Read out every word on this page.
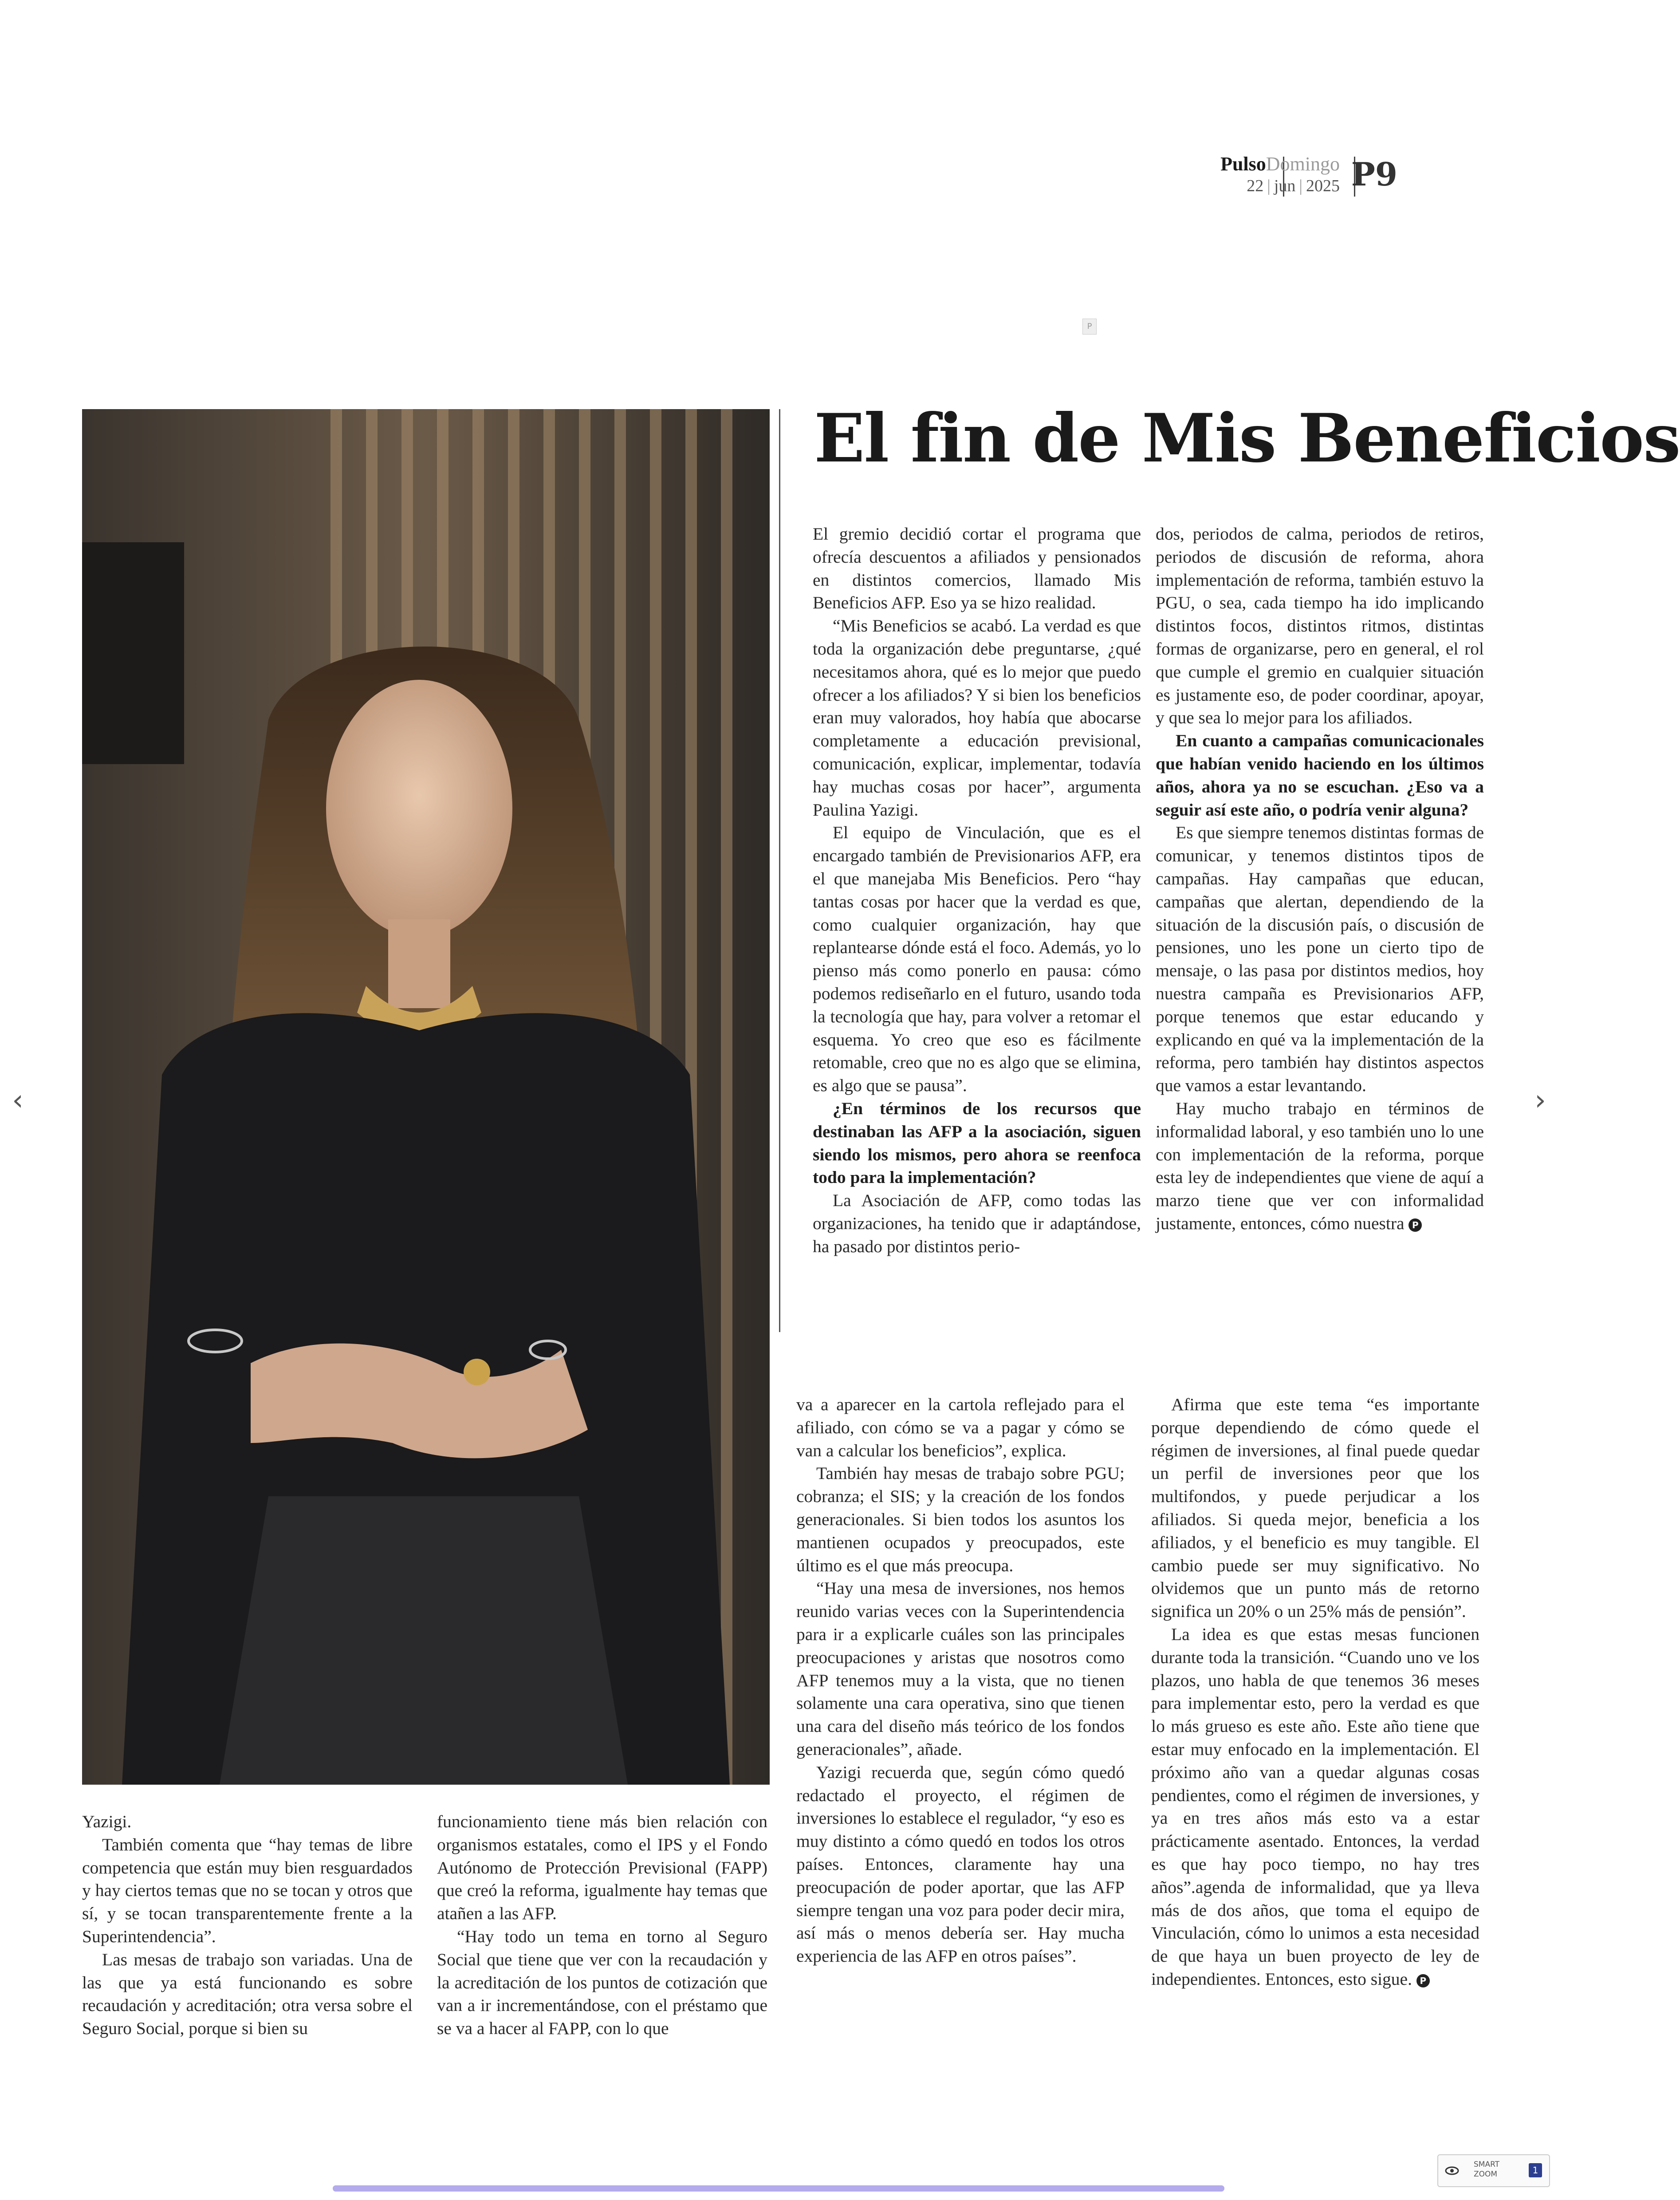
PulsoDomingo
22 | jun | 2025 P9
P
El fin de Mis Beneficios

El gremio decidió cortar el programa que ofrecía descuentos a afiliados y pensionados en distintos comercios, llamado Mis Beneficios AFP. Eso ya se hizo realidad.

“Mis Beneficios se acabó. La verdad es que toda la organización debe preguntarse, ¿qué necesitamos ahora, qué es lo mejor que puedo ofrecer a los afiliados? Y si bien los beneficios eran muy valorados, hoy había que abocarse completamente a educación previsional, comunicación, explicar, implementar, todavía hay muchas cosas por hacer”, argumenta Paulina Yazigi.

El equipo de Vinculación, que es el encargado también de Previsionarios AFP, era el que manejaba Mis Beneficios. Pero “hay tantas cosas por hacer que la verdad es que, como cualquier organización, hay que replantearse dónde está el foco. Además, yo lo pienso más como ponerlo en pausa: cómo podemos rediseñarlo en el futuro, usando toda la tecnología que hay, para volver a retomar el esquema. Yo creo que eso es fácilmente retomable, creo que no es algo que se elimina, es algo que se pausa”.

¿En términos de los recursos que destinaban las AFP a la asociación, siguen siendo los mismos, pero ahora se reenfoca todo para la implementación?

La Asociación de AFP, como todas las organizaciones, ha tenido que ir adaptándose, ha pasado por distintos perio-

dos, periodos de calma, periodos de retiros, periodos de discusión de reforma, ahora implementación de reforma, también estuvo la PGU, o sea, cada tiempo ha ido implicando distintos focos, distintos ritmos, distintas formas de organizarse, pero en general, el rol que cumple el gremio en cualquier situación es justamente eso, de poder coordinar, apoyar, y que sea lo mejor para los afiliados.

En cuanto a campañas comunicacionales que habían venido haciendo en los últimos años, ahora ya no se escuchan. ¿Eso va a seguir así este año, o podría venir alguna?

Es que siempre tenemos distintas formas de comunicar, y tenemos distintos tipos de campañas. Hay campañas que educan, campañas que alertan, dependiendo de la situación de la discusión país, o discusión de pensiones, uno les pone un cierto tipo de mensaje, o las pasa por distintos medios, hoy nuestra campaña es Previsionarios AFP, porque tenemos que estar educando y explicando en qué va la implementación de la reforma, pero también hay distintos aspectos que vamos a estar levantando.

Hay mucho trabajo en términos de informalidad laboral, y eso también uno lo une con implementación de la reforma, porque esta ley de independientes que viene de aquí a marzo tiene que ver con informalidad justamente, entonces, cómo nuestra P

va a aparecer en la cartola reflejado para el afiliado, con cómo se va a pagar y cómo se van a calcular los beneficios”, explica.

También hay mesas de trabajo sobre PGU; cobranza; el SIS; y la creación de los fondos generacionales. Si bien todos los asuntos los mantienen ocupados y preocupados, este último es el que más preocupa.

“Hay una mesa de inversiones, nos hemos reunido varias veces con la Superintendencia para ir a explicarle cuáles son las principales preocupaciones y aristas que nosotros como AFP tenemos muy a la vista, que no tienen solamente una cara operativa, sino que tienen una cara del diseño más teórico de los fondos generacionales”, añade.

Yazigi recuerda que, según cómo quedó redactado el proyecto, el régimen de inversiones lo establece el regulador, “y eso es muy distinto a cómo quedó en todos los otros países. Entonces, claramente hay una preocupación de poder aportar, que las AFP siempre tengan una voz para poder decir mira, así más o menos debería ser. Hay mucha experiencia de las AFP en otros países”.

Afirma que este tema “es importante porque dependiendo de cómo quede el régimen de inversiones, al final puede quedar un perfil de inversiones peor que los multifondos, y puede perjudicar a los afiliados. Si queda mejor, beneficia a los afiliados, y el beneficio es muy tangible. El cambio puede ser muy significativo. No olvidemos que un punto más de retorno significa un 20% o un 25% más de pensión”.

La idea es que estas mesas funcionen durante toda la transición. “Cuando uno ve los plazos, uno habla de que tenemos 36 meses para implementar esto, pero la verdad es que lo más grueso es este año. Este año tiene que estar muy enfocado en la implementación. El próximo año van a quedar algunas cosas pendientes, como el régimen de inversiones, y ya en tres años más esto va a estar prácticamente asentado. Entonces, la verdad es que hay poco tiempo, no hay tres años”.agenda de informalidad, que ya lleva más de dos años, que toma el equipo de Vinculación, cómo lo unimos a esta necesidad de que haya un buen proyecto de ley de independientes. Entonces, esto sigue. P

Yazigi.

También comenta que “hay temas de libre competencia que están muy bien resguardados y hay ciertos temas que no se tocan y otros que sí, y se tocan transparentemente frente a la Superintendencia”.

Las mesas de trabajo son variadas. Una de las que ya está funcionando es sobre recaudación y acreditación; otra versa sobre el Seguro Social, porque si bien su

funcionamiento tiene más bien relación con organismos estatales, como el IPS y el Fondo Autónomo de Protección Previsional (FAPP) que creó la reforma, igualmente hay temas que atañen a las AFP.

“Hay todo un tema en torno al Seguro Social que tiene que ver con la recaudación y la acreditación de los puntos de cotización que van a ir incrementándose, con el préstamo que se va a hacer al FAPP, con lo que

‹	›
SMART
ZOOM	1
